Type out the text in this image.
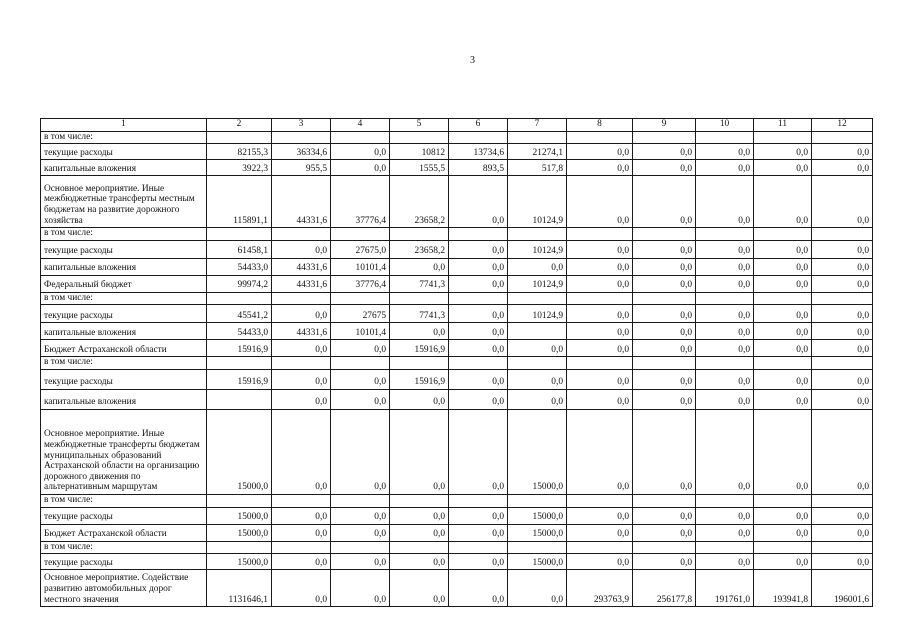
3
1	2	3	4	5	6	7	8	9	10	11	12
в том числе:											
текущие расходы	82155,3	36334,6	0,0	10812	13734,6	21274,1	0,0	0,0	0,0	0,0	0,0
капитальные вложения	3922,3	955,5	0,0	1555,5	893,5	517,8	0,0	0,0	0,0	0,0	0,0
Основное мероприятие. Иные межбюджетные трансферты местным бюджетам на развитие дорожного хозяйства	115891,1	44331,6	37776,4	23658,2	0,0	10124,9	0,0	0,0	0,0	0,0	0,0
в том числе:											
текущие расходы	61458,1	0,0	27675,0	23658,2	0,0	10124,9	0,0	0,0	0,0	0,0	0,0
капитальные вложения	54433,0	44331,6	10101,4	0,0	0,0	0,0	0,0	0,0	0,0	0,0	0,0
Федеральный бюджет	99974,2	44331,6	37776,4	7741,3	0,0	10124,9	0,0	0,0	0,0	0,0	0,0
в том числе:											
текущие расходы	45541,2	0,0	27675	7741,3	0,0	10124,9	0,0	0,0	0,0	0,0	0,0
капитальные вложения	54433,0	44331,6	10101,4	0,0	0,0		0,0	0,0	0,0	0,0	0,0
Бюджет Астраханской области	15916,9	0,0	0,0	15916,9	0,0	0,0	0,0	0,0	0,0	0,0	0,0
в том числе:											
текущие расходы	15916,9	0,0	0,0	15916,9	0,0	0,0	0,0	0,0	0,0	0,0	0,0
капитальные вложения		0,0	0,0	0,0	0,0	0,0	0,0	0,0	0,0	0,0	0,0
Основное мероприятие. Иные межбюджетные трансферты бюджетам муниципальных образований Астраханской области на организацию дорожного движения по альтернативным маршрутам	15000,0	0,0	0,0	0,0	0,0	15000,0	0,0	0,0	0,0	0,0	0,0
в том числе:											
текущие расходы	15000,0	0,0	0,0	0,0	0,0	15000,0	0,0	0,0	0,0	0,0	0,0
Бюджет Астраханской области	15000,0	0,0	0,0	0,0	0,0	15000,0	0,0	0,0	0,0	0,0	0,0
в том числе:											
текущие расходы	15000,0	0,0	0,0	0,0	0,0	15000,0	0,0	0,0	0,0	0,0	0,0
Основное мероприятие. Содействие развитию автомобильных дорог местного значения	1131646,1	0,0	0,0	0,0	0,0	0,0	293763,9	256177,8	191761,0	193941,8	196001,6
